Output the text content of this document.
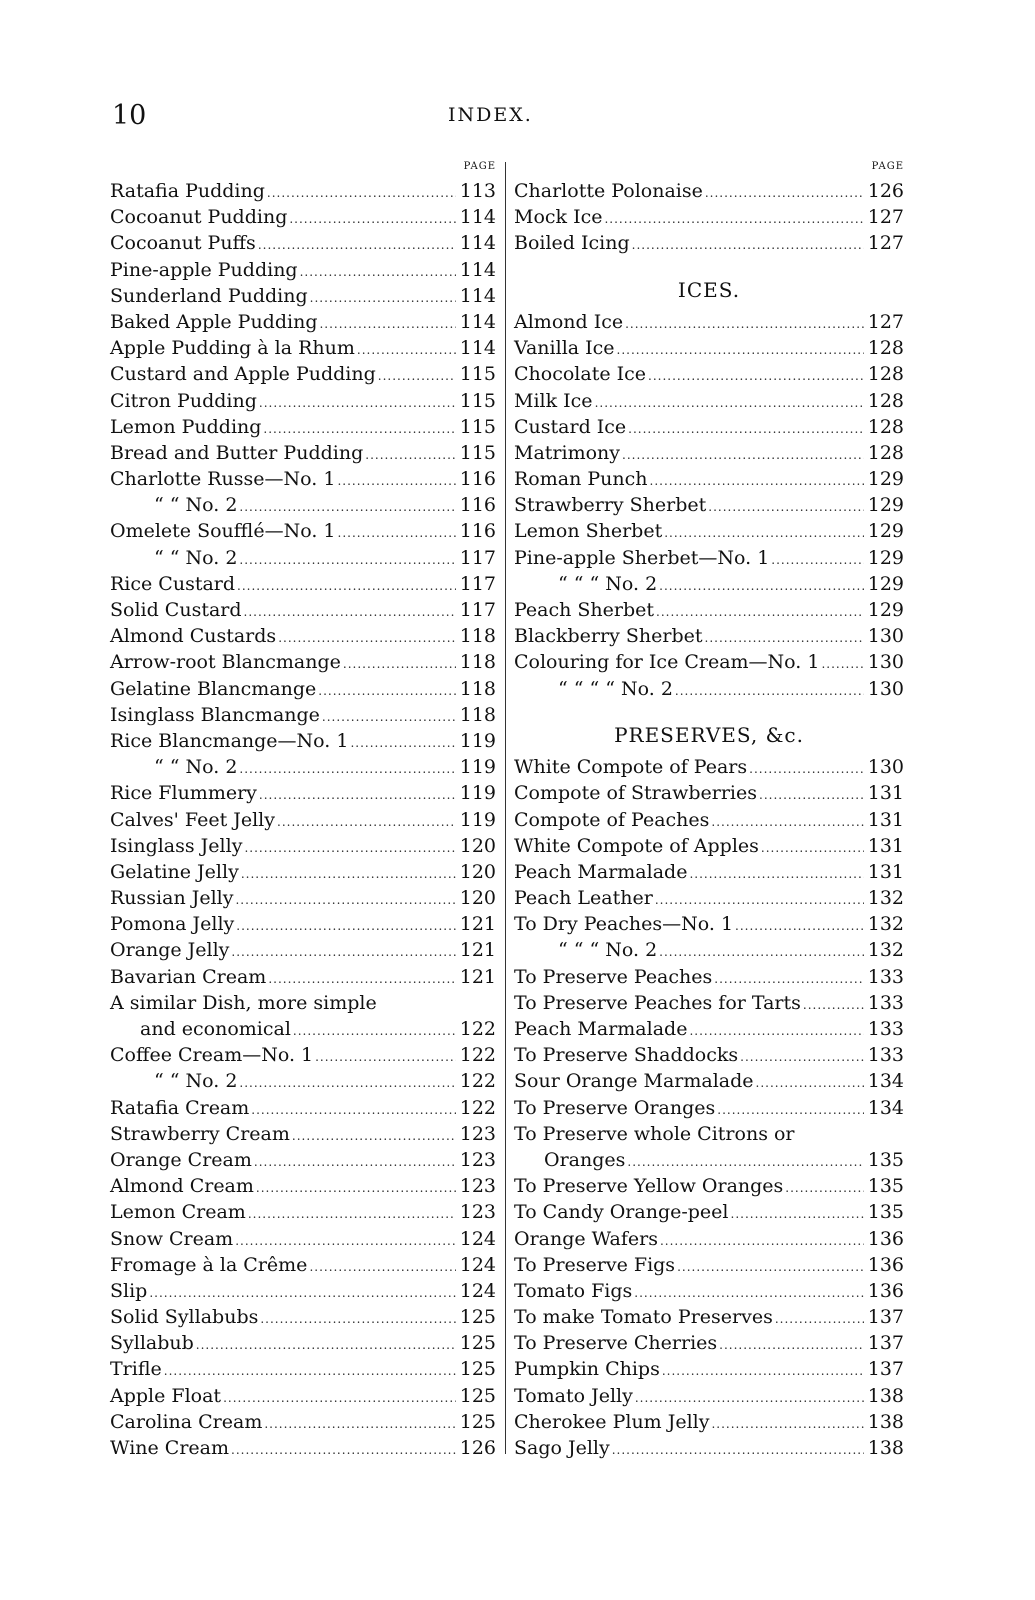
10	INDEX.
PAGE	PAGE
Ratafia Pudding .....	113
Cocoanut Pudding .....	114
Cocoanut Puffs .....	114
Pine-apple Pudding .....	114
Sunderland Pudding .....	114
Baked Apple Pudding .....	114
Apple Pudding à la Rhum .....	114
Custard and Apple Pudding .....	115
Citron Pudding .....	115
Lemon Pudding .....	115
Bread and Butter Pudding .....	115
Charlotte Russe—No. 1 .....	116
“ “ No. 2 .....	116
Omelete Soufflé—No. 1 .....	116
“ “ No. 2 .....	117
Rice Custard .....	117
Solid Custard .....	117
Almond Custards .....	118
Arrow-root Blancmange .....	118
Gelatine Blancmange .....	118
Isinglass Blancmange .....	118
Rice Blancmange—No. 1 .....	119
“ “ No. 2 .....	119
Rice Flummery .....	119
Calves' Feet Jelly .....	119
Isinglass Jelly .....	120
Gelatine Jelly .....	120
Russian Jelly .....	120
Pomona Jelly .....	121
Orange Jelly .....	121
Bavarian Cream .....	121
A similar Dish, more simple
and economical .....	122
Coffee Cream—No. 1 .....	122
“ “ No. 2 .....	122
Ratafia Cream .....	122
Strawberry Cream .....	123
Orange Cream .....	123
Almond Cream .....	123
Lemon Cream .....	123
Snow Cream .....	124
Fromage à la Crême .....	124
Slip .....	124
Solid Syllabubs .....	125
Syllabub .....	125
Trifle .....	125
Apple Float .....	125
Carolina Cream .....	125
Wine Cream .....	126
Charlotte Polonaise .....	126
Mock Ice .....	127
Boiled Icing .....	127
ICES.
Almond Ice .....	127
Vanilla Ice .....	128
Chocolate Ice .....	128
Milk Ice .....	128
Custard Ice .....	128
Matrimony .....	128
Roman Punch .....	129
Strawberry Sherbet .....	129
Lemon Sherbet .....	129
Pine-apple Sherbet—No. 1 .....	129
“ “ “ No. 2 .....	129
Peach Sherbet .....	129
Blackberry Sherbet .....	130
Colouring for Ice Cream—No. 1 .....	130
“ “ “ “ No. 2 .....	130
PRESERVES, &c.
White Compote of Pears .....	130
Compote of Strawberries .....	131
Compote of Peaches .....	131
White Compote of Apples .....	131
Peach Marmalade .....	131
Peach Leather .....	132
To Dry Peaches—No. 1 .....	132
“ “ “ No. 2 .....	132
To Preserve Peaches .....	133
To Preserve Peaches for Tarts .....	133
Peach Marmalade .....	133
To Preserve Shaddocks .....	133
Sour Orange Marmalade .....	134
To Preserve Oranges .....	134
To Preserve whole Citrons or
Oranges .....	135
To Preserve Yellow Oranges .....	135
To Candy Orange-peel .....	135
Orange Wafers .....	136
To Preserve Figs .....	136
Tomato Figs .....	136
To make Tomato Preserves .....	137
To Preserve Cherries .....	137
Pumpkin Chips .....	137
Tomato Jelly .....	138
Cherokee Plum Jelly .....	138
Sago Jelly .....	138
